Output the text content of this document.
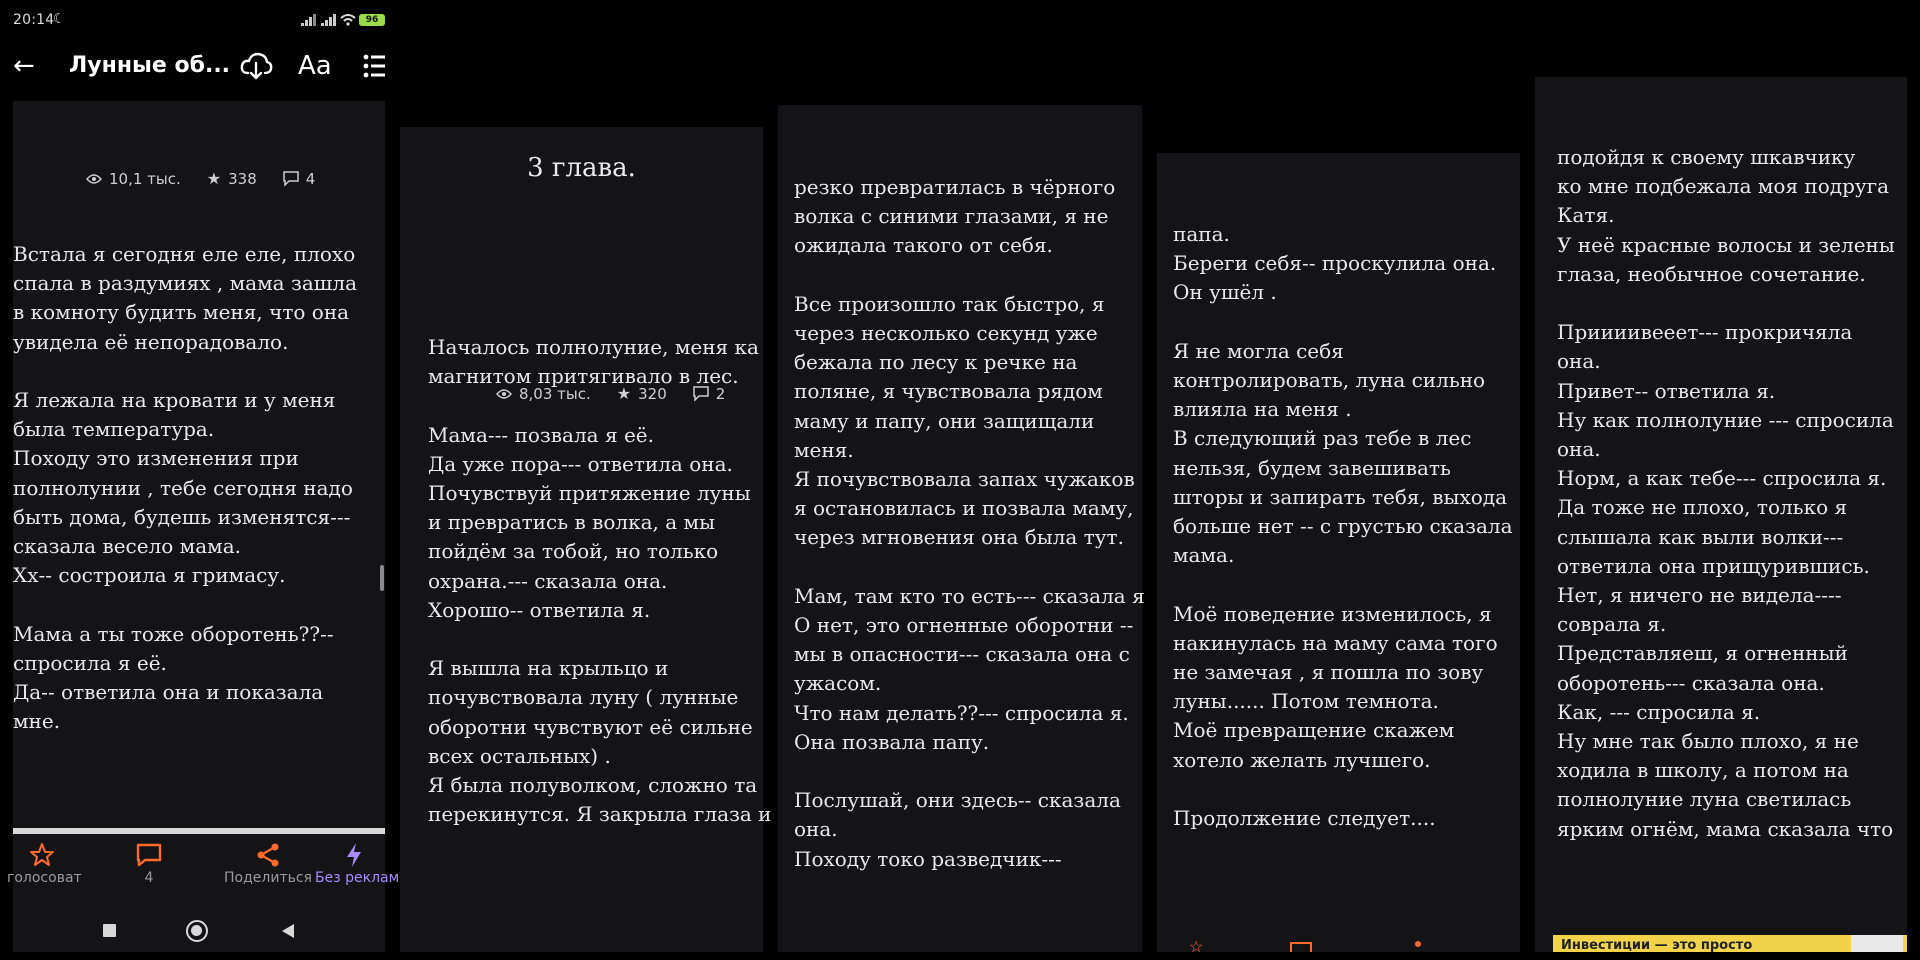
20:14
☾	96
← Лунные об...	Aa
10,1 тыс. ★ 338	4
Встала я сегодня еле еле, плохо
спала в раздумиях , мама зашла
в комноту будить меня, что она
увидела её непорадовало.

Я лежала на кровати и у меня
была температура.
Походу это изменения при
полнолунии , тебе сегодня надо
быть дома, будешь изменятся---
сказала весело мама.
Хх-- состроила я гримасу.

Мама а ты тоже оборотень??--
спросила я её.
Да-- ответила она и показала
мне.
голосоват	4	Поделиться Без реклам
3 глава.
8,03 тыс. ★ 320	2
Началось полнолуние, меня ка
магнитом притягивало в лес.

Мама--- позвала я её.
Да уже пора--- ответила она.
Почувствуй притяжение луны
и превратись в волка, а мы
пойдём за тобой, но только
охрана.--- сказала она.
Хорошо-- ответила я.

Я вышла на крыльцо и
почувствовала луну ( лунные
оборотни чувствуют её сильне
всех остальных) .
Я была полуволком, сложно та
перекинутся. Я закрыла глаза и
резко превратилась в чёрного
волка с синими глазами, я не
ожидала такого от себя.

Все произошло так быстро, я
через несколько секунд уже
бежала по лесу к речке на
поляне, я чувствовала рядом
маму и папу, они защищали
меня.
Я почувствовала запах чужаков
я остановилась и позвала маму,
через мгновения она была тут.

Мам, там кто то есть--- сказала я
О нет, это огненные оборотни --
мы в опасности--- сказала она с
ужасом.
Что нам делать??--- спросила я.
Она позвала папу.

Послушай, они здесь-- сказала
она.
Походу токо разведчик---
папа.
Береги себя-- проскулила она.
Он ушёл .

Я не могла себя
контролировать, луна сильно
влияла на меня .
В следующий раз тебе в лес
нельзя, будем завешивать
шторы и запирать тебя, выхода
больше нет -- с грустью сказала
мама.

Моё поведение изменилось, я
накинулась на маму сама того
не замечая , я пошла по зову
луны...... Потом темнота.
Моё превращение скажем
хотело желать лучшего.

Продолжение следует....
☆
подойдя к своему шкавчику
ко мне подбежала моя подруга
Катя.
У неё красные волосы и зелены
глаза, необычное сочетание.

Приииивееет--- прокричяла
она.
Привет-- ответила я.
Ну как полнолуние --- спросила
она.
Норм, а как тебе--- спросила я.
Да тоже не плохо, только я
слышала как выли волки---
ответила она прищурившись.
Нет, я ничего не видела----
соврала я.
Представляеш, я огненный
оборотень--- сказала она.
Как, --- спросила я.
Ну мне так было плохо, я не
ходила в школу, а потом на
полнолуние луна светилась
ярким огнём, мама сказала что
Инвестиции — это просто
